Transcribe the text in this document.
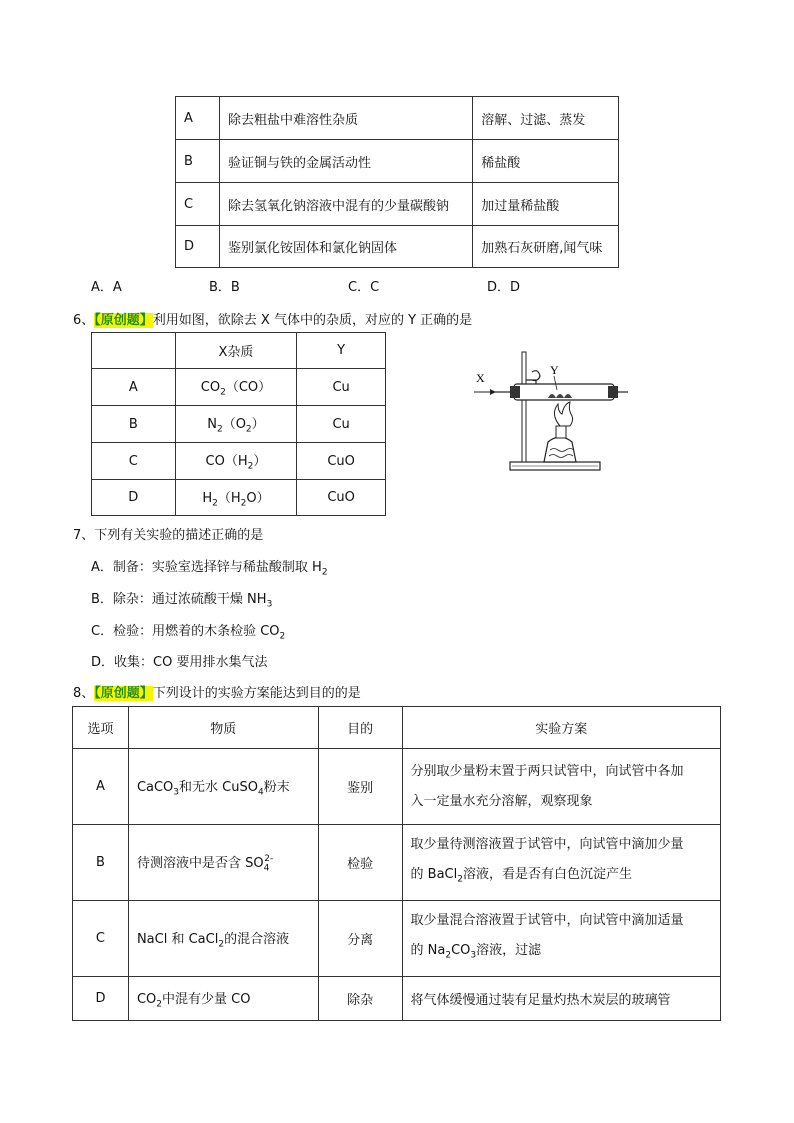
A	除去粗盐中难溶性杂质	溶解、过滤、蒸发
B	验证铜与铁的金属活动性	稀盐酸
C	除去氢氧化钠溶液中混有的少量碳酸钠	加过量稀盐酸
D	鉴别氯化铵固体和氯化钠固体	加熟石灰研磨,闻气味
A．A	B．B	C．C	D．D
6、【原创题】利用如图，欲除去 X 气体中的杂质，对应的 Y 正确的是
	X杂质	Y
A	$CO_2(CO)$	Cu
B	$N_2(O_2)$	Cu
C	$CO(H_2)$	CuO
D	$H_2(H_2O)$	CuO
X
Y
7、下列有关实验的描述正确的是
A．制备：实验室选择锌与稀盐酸制取 $H_2$
B．除杂：通过浓硫酸干燥 $NH_3$
C．检验：用燃着的木条检验 $CO_2$
D．收集：CO 要用排水集气法
8、【原创题】下列设计的实验方案能达到目的的是
选项	物质	目的	实验方案
A	CaCO$_3$和无水 CuSO$_4$粉末	鉴别	分别取少量粉末置于两只试管中，向试管中各加
入一定量水充分溶解，观察现象
B	待测溶液中是否含 $SO_4^{2-}$	检验	取少量待测溶液置于试管中，向试管中滴加少量
的 BaCl$_2$溶液，看是否有白色沉淀产生
C	NaCl 和 CaCl$_2$的混合溶液	分离	取少量混合溶液置于试管中，向试管中滴加适量
的 $Na_2CO_3$溶液，过滤
D	$CO_2$中混有少量 CO	除杂	将气体缓慢通过装有足量灼热木炭层的玻璃管
